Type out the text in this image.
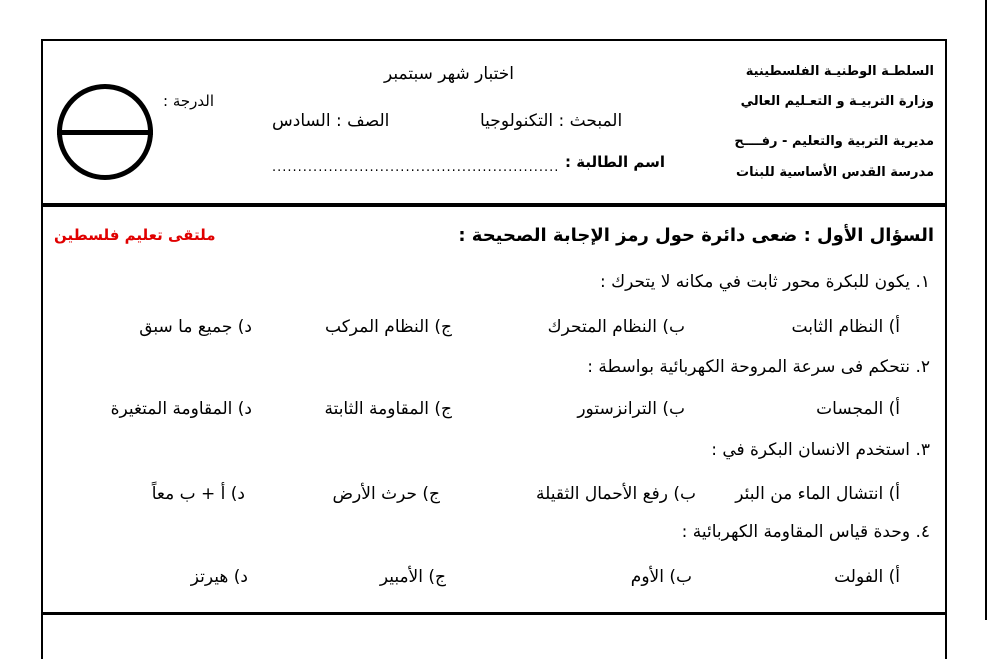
السلطـة الوطنيـة الفلسطينية
وزارة التربيـة و التعـليم العالي
مديرية التربية والتعليم - رفــــح
مدرسة القدس الأساسية للبنات
اختبار شهر سبتمبر
المبحث : التكنولوجيا
الصف : السادس
اسم الطالبة :
........................................................
الدرجة :
السؤال الأول : ضعى دائرة حول رمز الإجابة الصحيحة :
ملتقى تعليم فلسطين
١. يكون للبكرة محور ثابت في مكانه لا يتحرك :
أ) النظام الثابت
ب) النظام المتحرك
ج) النظام المركب
د) جميع ما سبق
٢. نتحكم فى سرعة المروحة الكهربائية بواسطة :
أ) المجسات
ب) الترانزستور
ج) المقاومة الثابتة
د) المقاومة المتغيرة
٣. استخدم الانسان البكرة في :
أ) انتشال الماء من البئر
ب) رفع الأحمال الثقيلة
ج) حرث الأرض
د) أ + ب معاً
٤. وحدة قياس المقاومة الكهربائية :
أ) الفولت
ب) الأوم
ج) الأمبير
د) هيرتز
